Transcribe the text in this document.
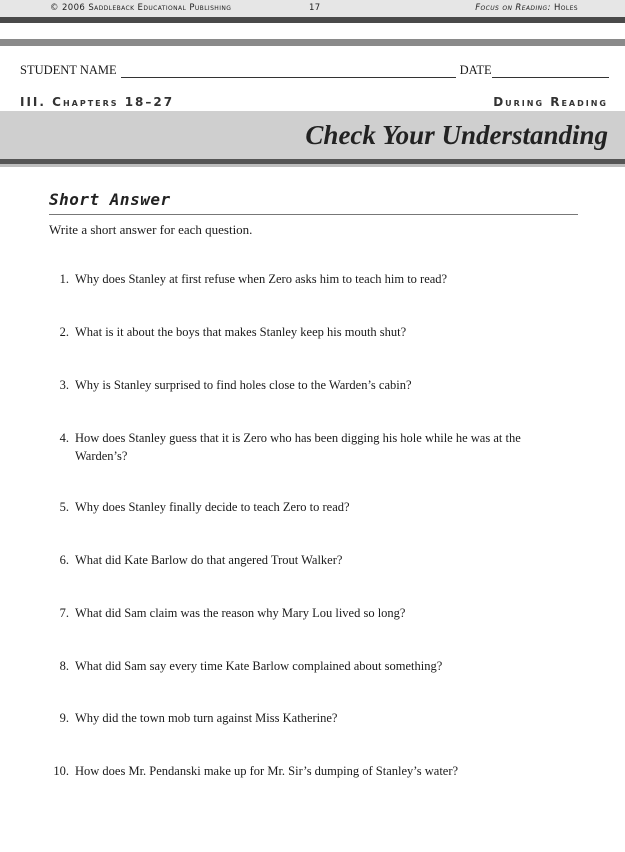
© 2006 Saddleback Educational Publishing	17	Focus on Reading: Holes
STUDENT NAME	DATE
III. Chapters 18–27	During Reading
Check Your Understanding
Short Answer
Write a short answer for each question.
1. Why does Stanley at first refuse when Zero asks him to teach him to read?
2. What is it about the boys that makes Stanley keep his mouth shut?
3. Why is Stanley surprised to find holes close to the Warden’s cabin?
4. How does Stanley guess that it is Zero who has been digging his hole while he was at the Warden’s?
5. Why does Stanley finally decide to teach Zero to read?
6. What did Kate Barlow do that angered Trout Walker?
7. What did Sam claim was the reason why Mary Lou lived so long?
8. What did Sam say every time Kate Barlow complained about something?
9. Why did the town mob turn against Miss Katherine?
10. How does Mr. Pendanski make up for Mr. Sir’s dumping of Stanley’s water?
